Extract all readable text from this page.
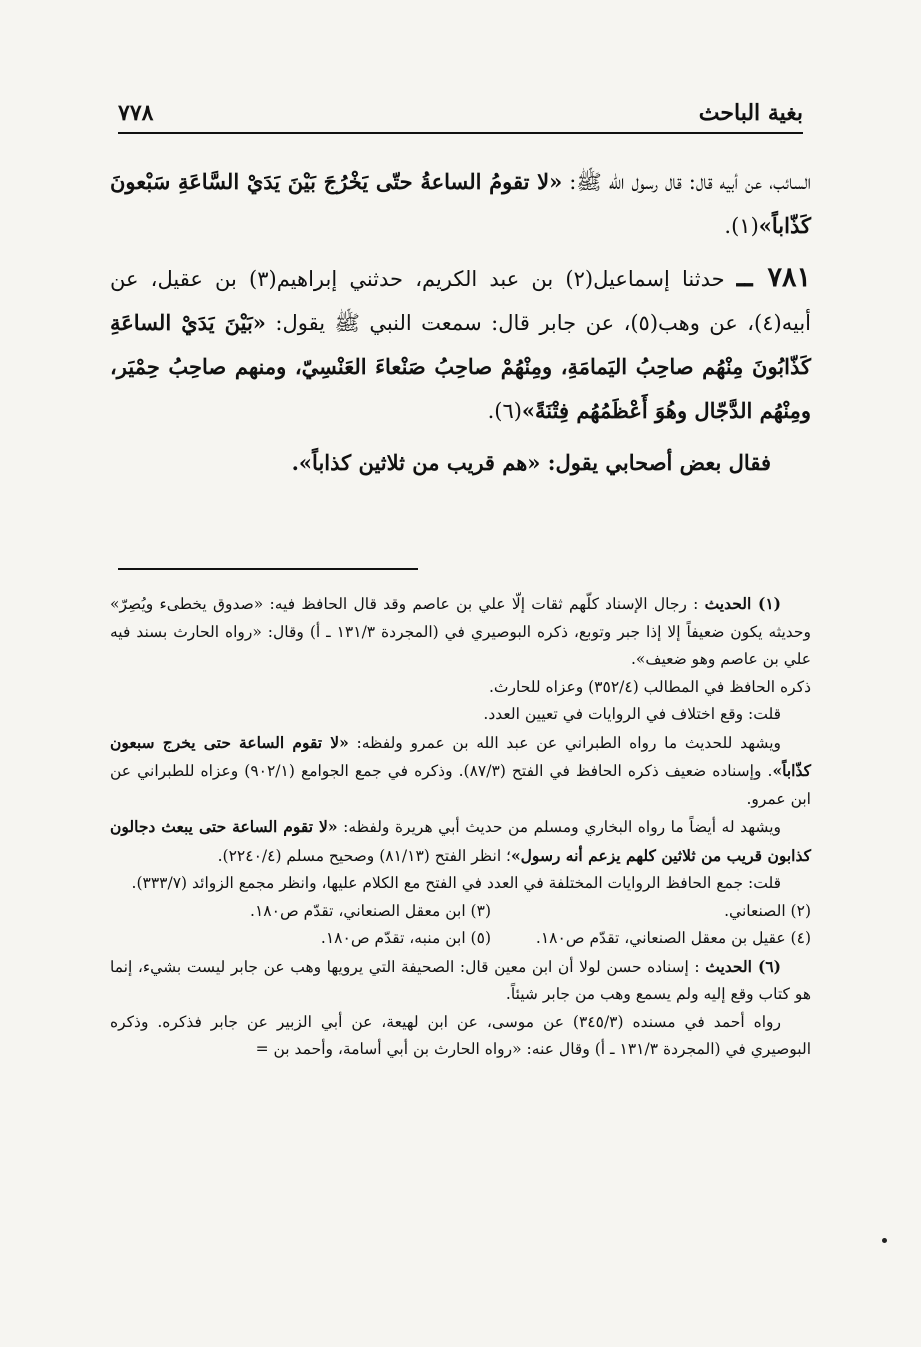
بغية الباحث
٧٧٨

السائب، عن أبيه قال: قال رسول الله ﷺ: «لا تقومُ الساعةُ حتّى يَخْرُجَ بَيْنَ يَدَيْ السَّاعَةِ سَبْعونَ كَذّاباً»(١).

٧٨١ ــ حدثنا إسماعيل(٢) بن عبد الكريم، حدثني إبراهيم(٣) بن عقيل، عن أبيه(٤)، عن وهب(٥)، عن جابر قال: سمعت النبي ﷺ يقول: «بَيْنَ يَدَيْ الساعَةِ كَذّابُونَ مِنْهُم صاحِبُ اليَمامَةِ، ومِنْهُمْ صاحِبُ صَنْعاءَ العَنْسِيّ، ومنهم صاحِبُ حِمْيَر، ومِنْهُم الدَّجّال وهُوَ أَعْظَمُهُم فِتْنَةً»(٦).

فقال بعض أصحابي يقول: «هم قريب من ثلاثين كذاباً».

(١) الحديث : رجال الإسناد كلّهم ثقات إلّا علي بن عاصم وقد قال الحافظ فيه: «صدوق يخطىء ويُصِرّ» وحديثه يكون ضعيفاً إلا إذا جبر وتوبع، ذكره البوصيري في (المجردة ١٣١/٣ ـ أ) وقال: «رواه الحارث بسند فيه علي بن عاصم وهو ضعيف».

ذكره الحافظ في المطالب (٣٥٢/٤) وعزاه للحارث.

قلت: وقع اختلاف في الروايات في تعيين العدد.

ويشهد للحديث ما رواه الطبراني عن عبد الله بن عمرو ولفظه: «لا تقوم الساعة حتى يخرج سبعون كذّاباً». وإسناده ضعيف ذكره الحافظ في الفتح (٨٧/٣). وذكره في جمع الجوامع (٩٠٢/١) وعزاه للطبراني عن ابن عمرو.

ويشهد له أيضاً ما رواه البخاري ومسلم من حديث أبي هريرة ولفظه: «لا تقوم الساعة حتى يبعث دجالون كذابون قريب من ثلاثين كلهم يزعم أنه رسول»؛ انظر الفتح (٨١/١٣) وصحيح مسلم (٢٢٤٠/٤).

قلت: جمع الحافظ الروايات المختلفة في العدد في الفتح مع الكلام عليها، وانظر مجمع الزوائد (٣٣٣/٧).

(٢) الصنعاني.
(٣) ابن معقل الصنعاني، تقدّم ص١٨٠.
(٤) عقيل بن معقل الصنعاني، تقدّم ص١٨٠.
(٥) ابن منبه، تقدّم ص١٨٠.

(٦) الحديث : إسناده حسن لولا أن ابن معين قال: الصحيفة التي يرويها وهب عن جابر ليست بشيء، إنما هو كتاب وقع إليه ولم يسمع وهب من جابر شيئاً.

رواه أحمد في مسنده (٣٤٥/٣) عن موسى، عن ابن لهيعة، عن أبي الزبير عن جابر فذكره. وذكره البوصيري في (المجردة ١٣١/٣ ـ أ) وقال عنه: «رواه الحارث بن أبي أسامة، وأحمد بن =
